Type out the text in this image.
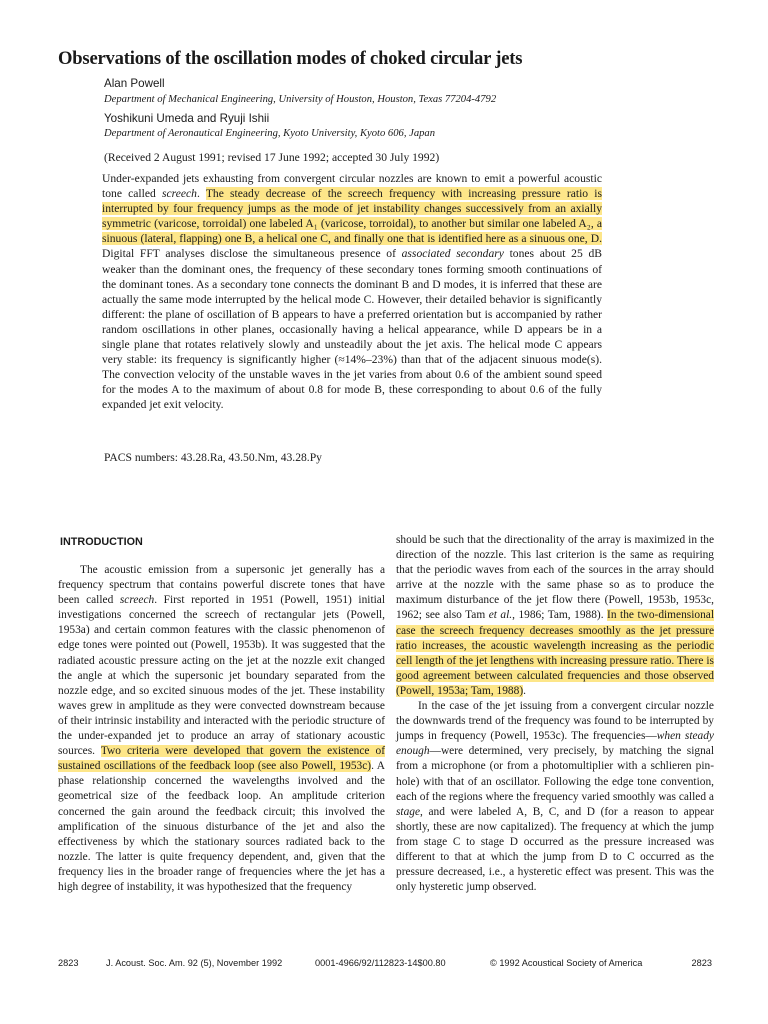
Observations of the oscillation modes of choked circular jets
Alan Powell
Department of Mechanical Engineering, University of Houston, Houston, Texas 77204-4792
Yoshikuni Umeda and Ryuji Ishii
Department of Aeronautical Engineering, Kyoto University, Kyoto 606, Japan
(Received 2 August 1991; revised 17 June 1992; accepted 30 July 1992)

Under-expanded jets exhausting from convergent circular nozzles are known to emit a powerful acoustic tone called screech. The steady decrease of the screech frequency with increasing pressure ratio is interrupted by four frequency jumps as the mode of jet instability changes successively from an axially symmetric (varicose, torroidal) one labeled A₁ (varicose, torroidal), to another but similar one labeled A₂, a sinuous (lateral, flapping) one B, a helical one C, and finally one that is identified here as a sinuous one, D. Digital FFT analyses disclose the simultaneous presence of associated secondary tones about 25 dB weaker than the dominant ones, the frequency of these secondary tones forming smooth continuations of the dominant tones. As a secondary tone connects the dominant B and D modes, it is inferred that these are actually the same mode interrupted by the helical mode C. However, their detailed behavior is significantly different: the plane of oscillation of B appears to have a preferred orientation but is accompanied by rather random oscillations in other planes, occasionally having a helical appearance, while D appears be in a single plane that rotates relatively slowly and unsteadily about the jet axis. The helical mode C appears very stable: its frequency is significantly higher (≈14%–23%) than that of the adjacent sinuous mode(s). The convection velocity of the unstable waves in the jet varies from about 0.6 of the ambient sound speed for the modes A to the maximum of about 0.8 for mode B, these corresponding to about 0.6 of the fully expanded jet exit velocity.

PACS numbers: 43.28.Ra, 43.50.Nm, 43.28.Py
INTRODUCTION

The acoustic emission from a supersonic jet generally has a frequency spectrum that contains powerful discrete tones that have been called screech. First reported in 1951 (Powell, 1951) initial investigations concerned the screech of rectangular jets (Powell, 1953a) and certain common features with the classic phenomenon of edge tones were pointed out (Powell, 1953b). It was suggested that the radiated acoustic pressure acting on the jet at the nozzle exit changed the angle at which the supersonic jet boundary separated from the nozzle edge, and so excited sinuous modes of the jet. These instability waves grew in amplitude as they were convected downstream because of their intrinsic instability and interacted with the periodic structure of the under-expanded jet to produce an array of stationary acoustic sources. Two criteria were developed that govern the existence of sustained oscillations of the feedback loop (see also Powell, 1953c). A phase relationship concerned the wavelengths involved and the geometrical size of the feedback loop. An amplitude criterion concerned the gain around the feedback circuit; this involved the amplification of the sinuous disturbance of the jet and also the effectiveness by which the stationary sources radiated back to the nozzle. The latter is quite frequency dependent, and, given that the frequency lies in the broader range of frequencies where the jet has a high degree of instability, it was hypothesized that the frequency

should be such that the directionality of the array is maximized in the direction of the nozzle. This last criterion is the same as requiring that the periodic waves from each of the sources in the array should arrive at the nozzle with the same phase so as to produce the maximum disturbance of the jet flow there (Powell, 1953b, 1953c, 1962; see also Tam et al., 1986; Tam, 1988). In the two-dimensional case the screech frequency decreases smoothly as the jet pressure ratio increases, the acoustic wavelength increasing as the periodic cell length of the jet lengthens with increasing pressure ratio. There is good agreement between calculated frequencies and those observed (Powell, 1953a; Tam, 1988).

In the case of the jet issuing from a convergent circular nozzle the downwards trend of the frequency was found to be interrupted by jumps in frequency (Powell, 1953c). The frequencies—when steady enough—were determined, very precisely, by matching the signal from a microphone (or from a photomultiplier with a schlieren pin-hole) with that of an oscillator. Following the edge tone convention, each of the regions where the frequency varied smoothly was called a stage, and were labeled A, B, C, and D (for a reason to appear shortly, these are now capitalized). The frequency at which the jump from stage C to stage D occurred as the pressure increased was different to that at which the jump from D to C occurred as the pressure decreased, i.e., a hysteretic effect was present. This was the only hysteretic jump observed.

2823	J. Acoust. Soc. Am. 92 (5), November 1992	0001-4966/92/112823-14$00.80	© 1992 Acoustical Society of America	2823
